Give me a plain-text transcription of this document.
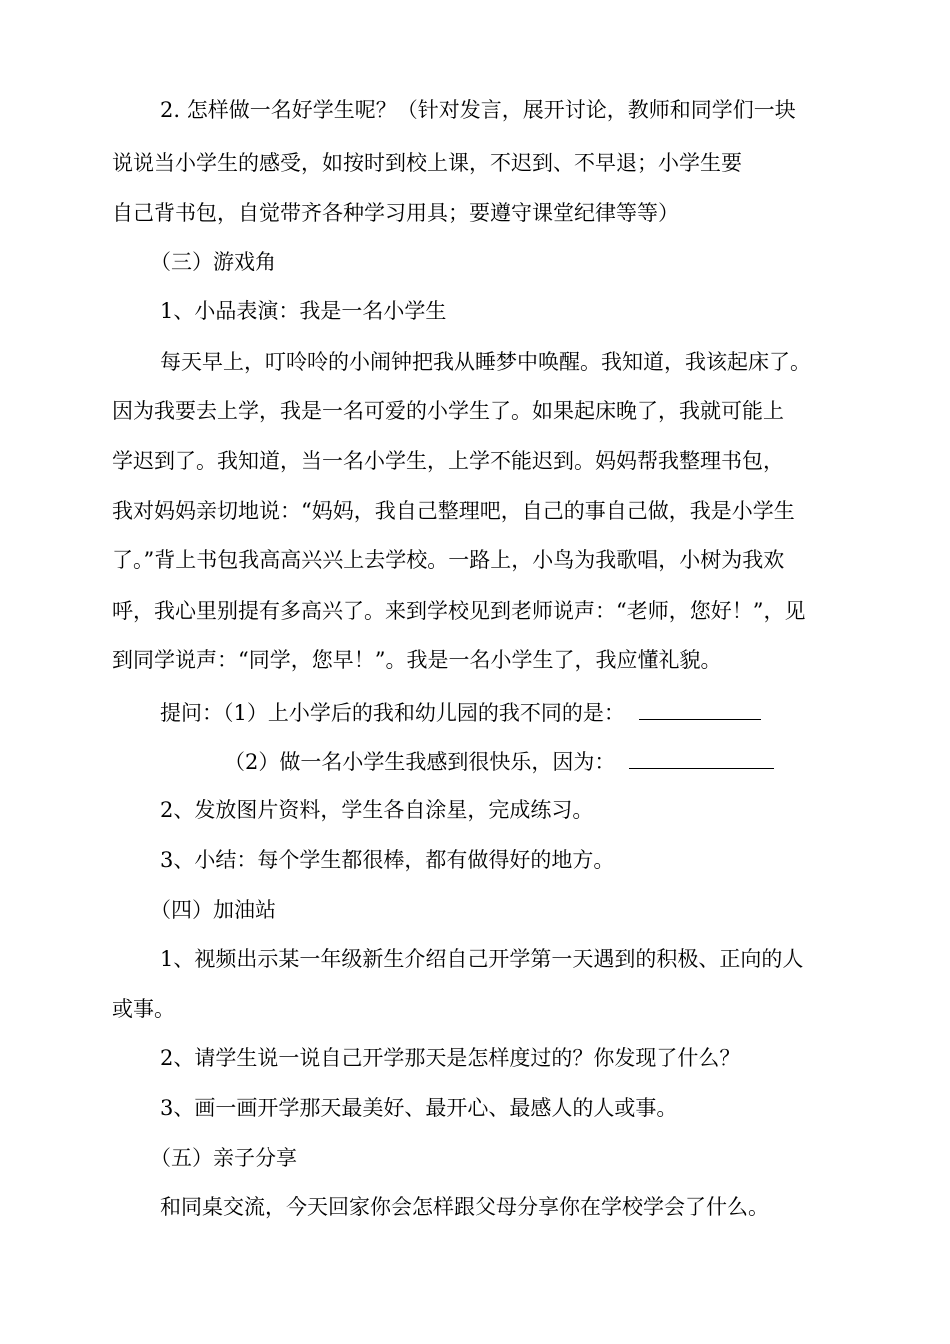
2. 怎样做一名好学生呢？（针对发言，展开讨论，教师和同学们一块
说说当小学生的感受，如按时到校上课，不迟到、不早退；小学生要
自己背书包，自觉带齐各种学习用具；要遵守课堂纪律等等）
（三）游戏角
1、小品表演：我是一名小学生
每天早上，叮呤呤的小闹钟把我从睡梦中唤醒。我知道，我该起床了。
因为我要去上学，我是一名可爱的小学生了。如果起床晚了，我就可能上
学迟到了。我知道，当一名小学生，上学不能迟到。妈妈帮我整理书包，
我对妈妈亲切地说：“妈妈，我自己整理吧，自己的事自己做，我是小学生
了。”背上书包我高高兴兴上去学校。一路上，小鸟为我歌唱，小树为我欢
呼，我心里别提有多高兴了。来到学校见到老师说声：“老师，您好！”，见
到同学说声：“同学，您早！”。我是一名小学生了，我应懂礼貌。
提问：（1）上小学后的我和幼儿园的我不同的是：
（2）做一名小学生我感到很快乐，因为：
2、发放图片资料，学生各自涂星，完成练习。
3、小结：每个学生都很棒，都有做得好的地方。
（四）加油站
1、视频出示某一年级新生介绍自己开学第一天遇到的积极、正向的人
或事。
2、请学生说一说自己开学那天是怎样度过的？你发现了什么？
3、画一画开学那天最美好、最开心、最感人的人或事。
（五）亲子分享
和同桌交流，今天回家你会怎样跟父母分享你在学校学会了什么。
